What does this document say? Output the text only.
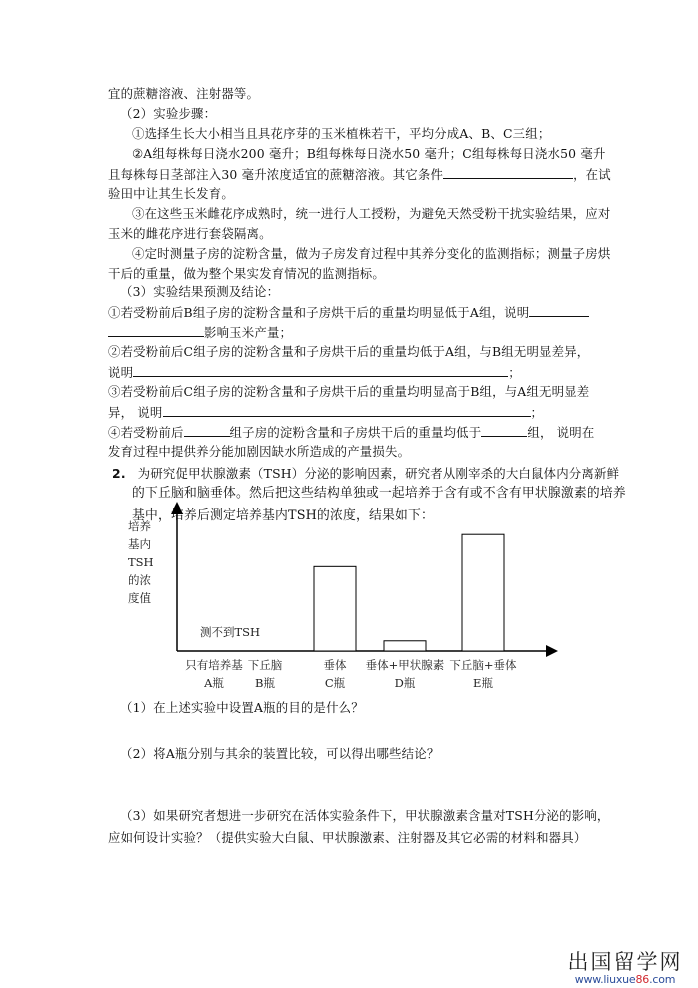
宜的蔗糖溶液、注射器等。
（2）实验步骤：
①选择生长大小相当且具花序芽的玉米植株若干，平均分成A、B、C三组；
②A组每株每日浇水200 毫升；B组每株每日浇水50 毫升；C组每株每日浇水50 毫升
且每株每日茎部注入30 毫升浓度适宜的蔗糖溶液。其它条件	，在试
验田中让其生长发育。
③在这些玉米雌花序成熟时，统一进行人工授粉，为避免天然受粉干扰实验结果，应对
玉米的雌花序进行套袋隔离。
④定时测量子房的淀粉含量，做为子房发育过程中其养分变化的监测指标；测量子房烘
干后的重量，做为整个果实发育情况的监测指标。
（3）实验结果预测及结论：
①若受粉前后B组子房的淀粉含量和子房烘干后的重量均明显低于A组，说明
影响玉米产量；
②若受粉前后C组子房的淀粉含量和子房烘干后的重量均低于A组，与B组无明显差异，
说明	；
③若受粉前后C组子房的淀粉含量和子房烘干后的重量均明显高于B组，与A组无明显差
异， 说明	；
④若受粉前后	组子房的淀粉含量和子房烘干后的重量均低于	组， 说明在
发育过程中提供养分能加剧因缺水所造成的产量损失。
2. 为研究促甲状腺激素（TSH）分泌的影响因素，研究者从刚宰杀的大白鼠体内分离新鲜
的下丘脑和脑垂体。然后把这些结构单独或一起培养于含有或不含有甲状腺激素的培养
基中，培养后测定培养基内TSH的浓度，结果如下：
培养
基内
TSH
的浓
度值
测不到TSH
只有培养基
A瓶
下丘脑
B瓶
垂体
C瓶
垂体+甲状腺素
D瓶
下丘脑+垂体
E瓶
（1）在上述实验中设置A瓶的目的是什么？
（2）将A瓶分别与其余的装置比较，可以得出哪些结论？
（3）如果研究者想进一步研究在活体实验条件下，甲状腺激素含量对TSH分泌的影响，
应如何设计实验？（提供实验大白鼠、甲状腺激素、注射器及其它必需的材料和器具）
出国留学网
www.liuxue86.com
